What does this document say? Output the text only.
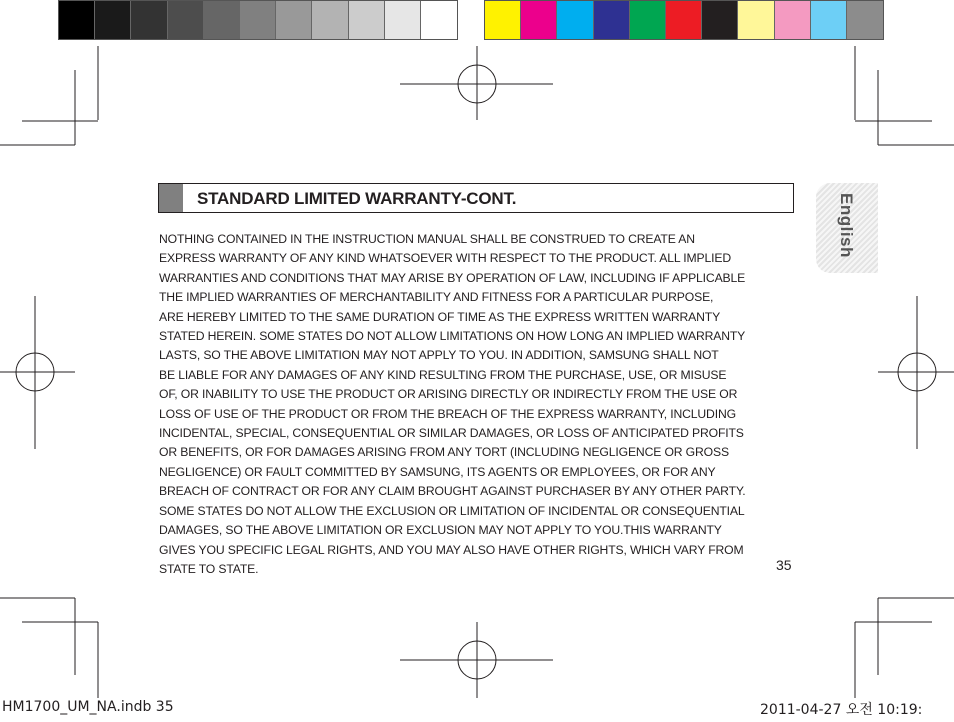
STANDARD LIMITED WARRANTY-CONT.	English
NOTHING CONTAINED IN THE INSTRUCTION MANUAL SHALL BE CONSTRUED TO CREATE AN
EXPRESS WARRANTY OF ANY KIND WHATSOEVER WITH RESPECT TO THE PRODUCT. ALL IMPLIED
WARRANTIES AND CONDITIONS THAT MAY ARISE BY OPERATION OF LAW, INCLUDING IF APPLICABLE
THE IMPLIED WARRANTIES OF MERCHANTABILITY AND FITNESS FOR A PARTICULAR PURPOSE,
ARE HEREBY LIMITED TO THE SAME DURATION OF TIME AS THE EXPRESS WRITTEN WARRANTY
STATED HEREIN. SOME STATES DO NOT ALLOW LIMITATIONS ON HOW LONG AN IMPLIED WARRANTY
LASTS, SO THE ABOVE LIMITATION MAY NOT APPLY TO YOU. IN ADDITION, SAMSUNG SHALL NOT
BE LIABLE FOR ANY DAMAGES OF ANY KIND RESULTING FROM THE PURCHASE, USE, OR MISUSE
OF, OR INABILITY TO USE THE PRODUCT OR ARISING DIRECTLY OR INDIRECTLY FROM THE USE OR
LOSS OF USE OF THE PRODUCT OR FROM THE BREACH OF THE EXPRESS WARRANTY, INCLUDING
INCIDENTAL, SPECIAL, CONSEQUENTIAL OR SIMILAR DAMAGES, OR LOSS OF ANTICIPATED PROFITS
OR BENEFITS, OR FOR DAMAGES ARISING FROM ANY TORT (INCLUDING NEGLIGENCE OR GROSS
NEGLIGENCE) OR FAULT COMMITTED BY SAMSUNG, ITS AGENTS OR EMPLOYEES, OR FOR ANY
BREACH OF CONTRACT OR FOR ANY CLAIM BROUGHT AGAINST PURCHASER BY ANY OTHER PARTY.
SOME STATES DO NOT ALLOW THE EXCLUSION OR LIMITATION OF INCIDENTAL OR CONSEQUENTIAL
DAMAGES, SO THE ABOVE LIMITATION OR EXCLUSION MAY NOT APPLY TO YOU.THIS WARRANTY
GIVES YOU SPECIFIC LEGAL RIGHTS, AND YOU MAY ALSO HAVE OTHER RIGHTS, WHICH VARY FROM
STATE TO STATE.	35
HM1700_UM_NA.indb 35	2011-04-27 오전 10:19:
